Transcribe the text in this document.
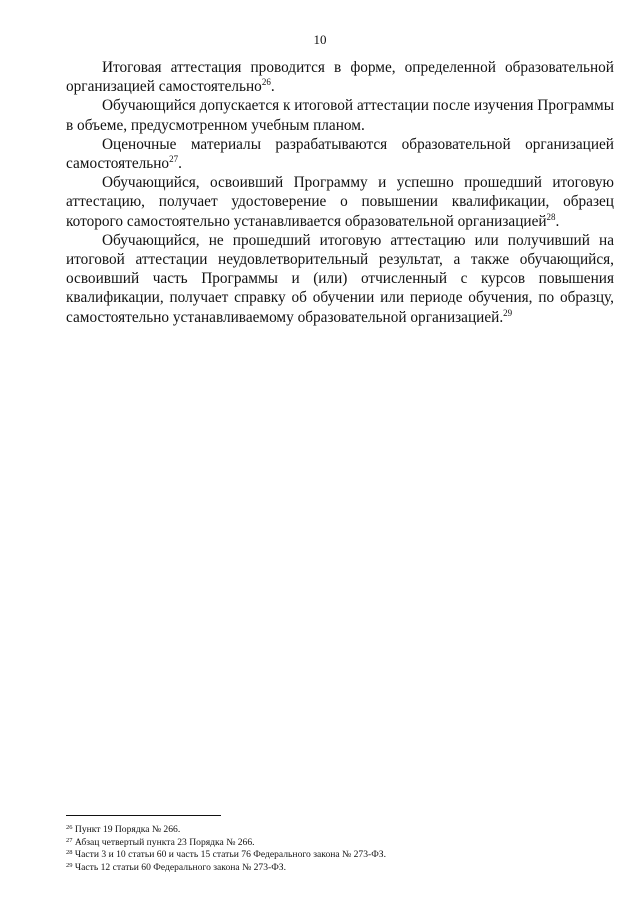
10

Итоговая аттестация проводится в форме, определенной образовательной организацией самостоятельно$^{26}$.

Обучающийся допускается к итоговой аттестации после изучения Программы в объеме, предусмотренном учебным планом.

Оценочные материалы разрабатываются образовательной организацией самостоятельно$^{27}$.

Обучающийся, освоивший Программу и успешно прошедший итоговую аттестацию, получает удостоверение о повышении квалификации, образец которого самостоятельно устанавливается образовательной организацией$^{28}$.

Обучающийся, не прошедший итоговую аттестацию или получивший на итоговой аттестации неудовлетворительный результат, а также обучающийся, освоивший часть Программы и (или) отчисленный с курсов повышения квалификации, получает справку об обучении или периоде обучения, по образцу, самостоятельно устанавливаемому образовательной организацией.$^{29}$

$^{26}$ Пункт 19 Порядка № 266.
$^{27}$ Абзац четвертый пункта 23 Порядка № 266.
$^{28}$ Части 3 и 10 статьи 60 и часть 15 статьи 76 Федерального закона № 273-ФЗ.
$^{29}$ Часть 12 статьи 60 Федерального закона № 273-ФЗ.
